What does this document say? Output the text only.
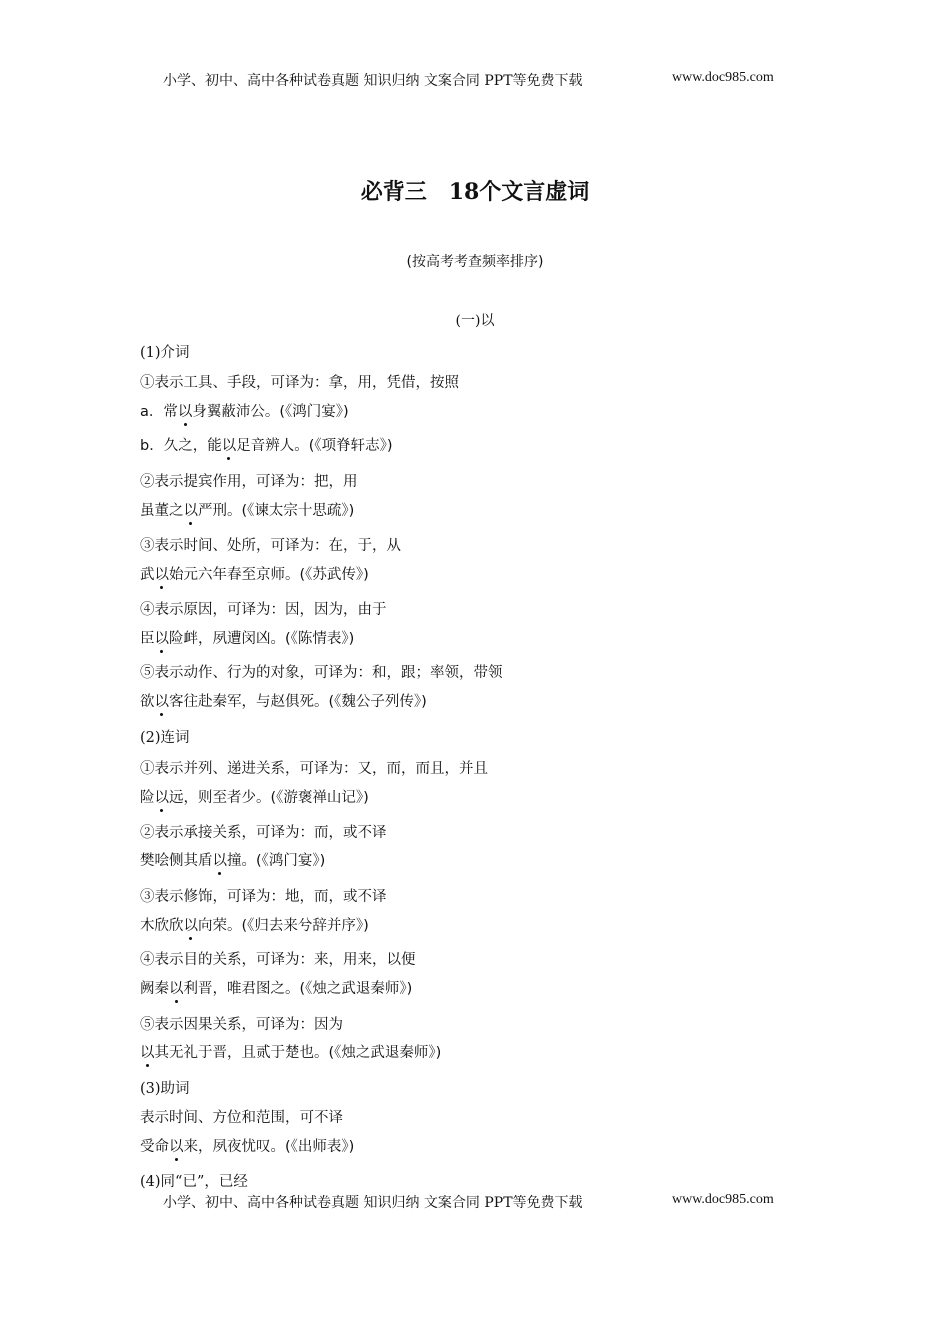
小学、初中、高中各种试卷真题 知识归纳 文案合同 PPT等免费下载	www.doc985.com
必背三　18个文言虚词
(按高考考查频率排序)
(一)以
(1)介词
①表示工具、手段，可译为：拿，用，凭借，按照
a．常以身翼蔽沛公。(《鸿门宴》)
b．久之，能以足音辨人。(《项脊轩志》)
②表示提宾作用，可译为：把，用
虽董之以严刑。(《谏太宗十思疏》)
③表示时间、处所，可译为：在，于，从
武以始元六年春至京师。(《苏武传》)
④表示原因，可译为：因，因为，由于
臣以险衅，夙遭闵凶。(《陈情表》)
⑤表示动作、行为的对象，可译为：和，跟；率领，带领
欲以客往赴秦军，与赵俱死。(《魏公子列传》)
(2)连词
①表示并列、递进关系，可译为：又，而，而且，并且
险以远，则至者少。(《游褒禅山记》)
②表示承接关系，可译为：而，或不译
樊哙侧其盾以撞。(《鸿门宴》)
③表示修饰，可译为：地，而，或不译
木欣欣以向荣。(《归去来兮辞并序》)
④表示目的关系，可译为：来，用来，以便
阙秦以利晋，唯君图之。(《烛之武退秦师》)
⑤表示因果关系，可译为：因为
以其无礼于晋，且贰于楚也。(《烛之武退秦师》)
(3)助词
表示时间、方位和范围，可不译
受命以来，夙夜忧叹。(《出师表》)
(4)同“已”，已经
小学、初中、高中各种试卷真题 知识归纳 文案合同 PPT等免费下载	www.doc985.com
